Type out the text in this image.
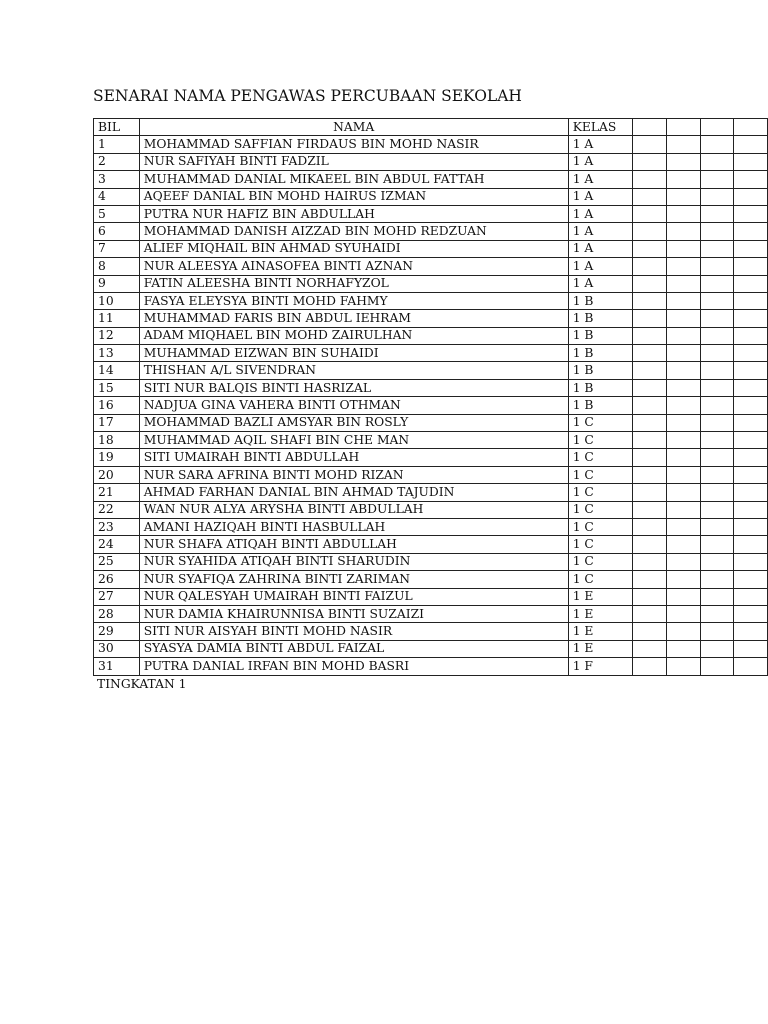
SENARAI NAMA PENGAWAS PERCUBAAN SEKOLAH
BIL	NAMA	KELAS				
1	MOHAMMAD SAFFIAN FIRDAUS BIN MOHD NASIR	1 A				
2	NUR SAFIYAH BINTI FADZIL	1 A				
3	MUHAMMAD DANIAL MIKAEEL BIN ABDUL FATTAH	1 A				
4	AQEEF DANIAL BIN MOHD HAIRUS IZMAN	1 A				
5	PUTRA NUR HAFIZ BIN ABDULLAH	1 A				
6	MOHAMMAD DANISH AIZZAD BIN MOHD REDZUAN	1 A				
7	ALIEF MIQHAIL BIN AHMAD SYUHAIDI	1 A				
8	NUR ALEESYA AINASOFEA BINTI AZNAN	1 A				
9	FATIN ALEESHA BINTI NORHAFYZOL	1 A				
10	FASYA ELEYSYA BINTI MOHD FAHMY	1 B				
11	MUHAMMAD FARIS BIN ABDUL IEHRAM	1 B				
12	ADAM MIQHAEL BIN MOHD ZAIRULHAN	1 B				
13	MUHAMMAD EIZWAN BIN SUHAIDI	1 B				
14	THISHAN A/L SIVENDRAN	1 B				
15	SITI NUR BALQIS BINTI HASRIZAL	1 B				
16	NADJUA GINA VAHERA BINTI OTHMAN	1 B				
17	MOHAMMAD BAZLI AMSYAR BIN ROSLY	1 C				
18	MUHAMMAD AQIL SHAFI BIN CHE MAN	1 C				
19	SITI UMAIRAH BINTI ABDULLAH	1 C				
20	NUR SARA AFRINA BINTI MOHD RIZAN	1 C				
21	AHMAD FARHAN DANIAL BIN AHMAD TAJUDIN	1 C				
22	WAN NUR ALYA ARYSHA BINTI ABDULLAH	1 C				
23	AMANI HAZIQAH BINTI HASBULLAH	1 C				
24	NUR SHAFA ATIQAH BINTI ABDULLAH	1 C				
25	NUR SYAHIDA ATIQAH BINTI SHARUDIN	1 C				
26	NUR SYAFIQA ZAHRINA BINTI ZARIMAN	1 C				
27	NUR QALESYAH UMAIRAH BINTI FAIZUL	1 E				
28	NUR DAMIA KHAIRUNNISA BINTI SUZAIZI	1 E				
29	SITI NUR AISYAH BINTI MOHD NASIR	1 E				
30	SYASYA DAMIA BINTI ABDUL FAIZAL	1 E				
31	PUTRA DANIAL IRFAN BIN MOHD BASRI	1 F				
TINGKATAN 1
